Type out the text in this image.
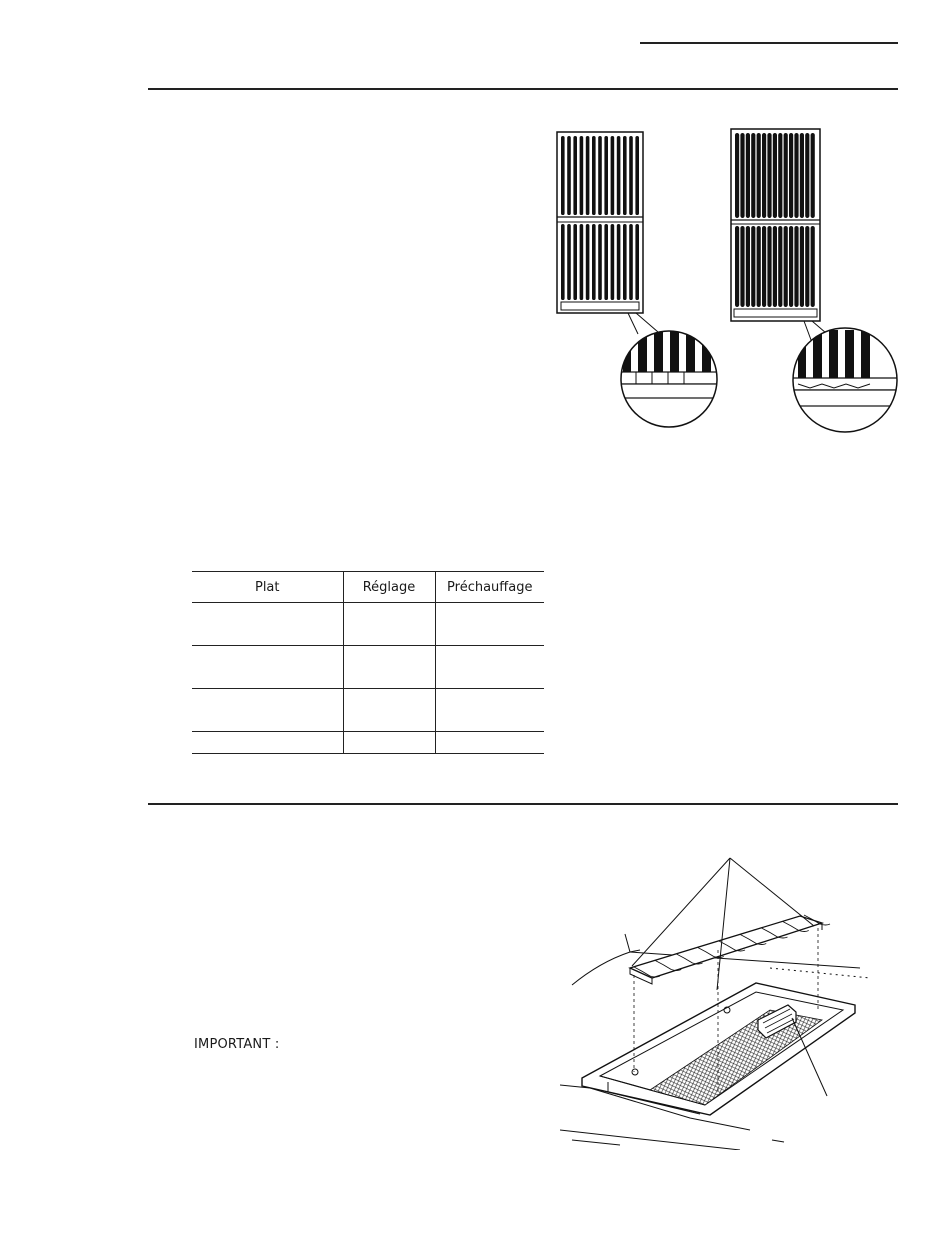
Plat	Réglage	Préchauffage

IMPORTANT :
